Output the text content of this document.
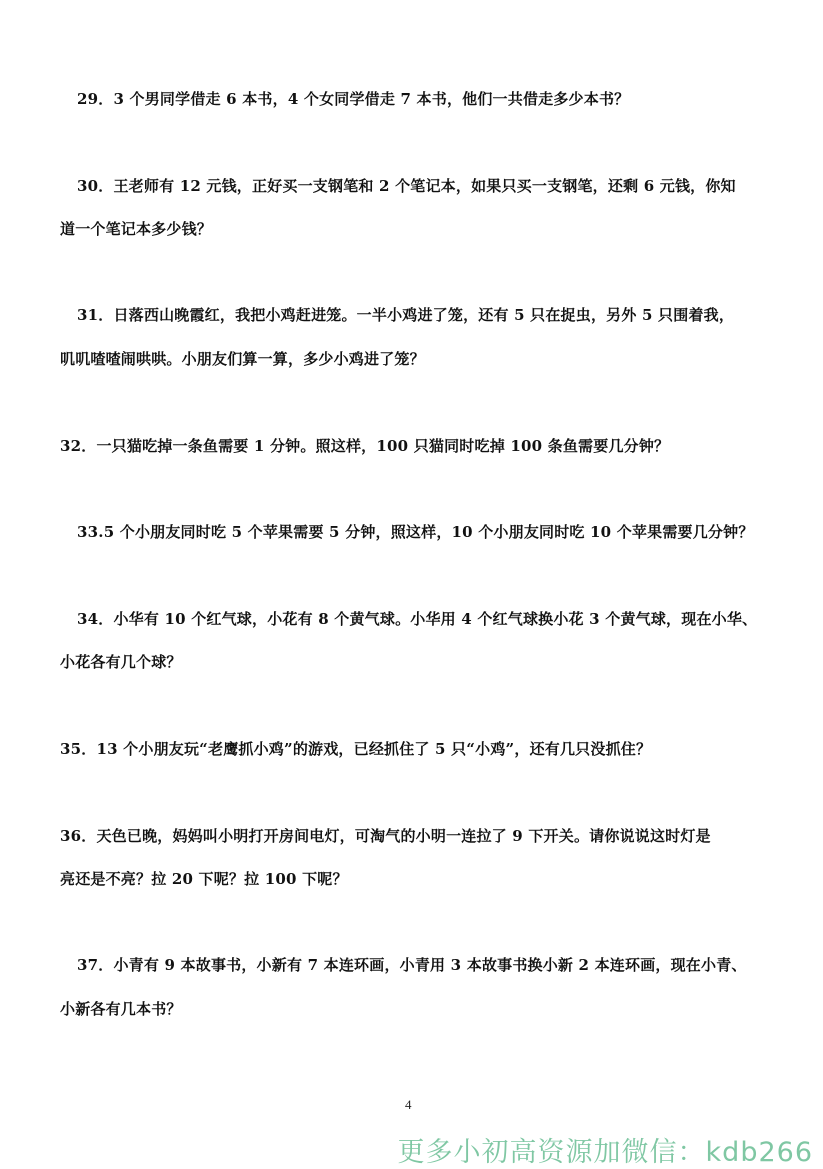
29．3 个男同学借走 6 本书，4 个女同学借走 7 本书，他们一共借走多少本书？
30．王老师有 12 元钱，正好买一支钢笔和 2 个笔记本，如果只买一支钢笔，还剩 6 元钱，你知
道一个笔记本多少钱？
31．日落西山晚霞红，我把小鸡赶进笼。一半小鸡进了笼，还有 5 只在捉虫，另外 5 只围着我，
叽叽喳喳闹哄哄。小朋友们算一算，多少小鸡进了笼？
32．一只猫吃掉一条鱼需要 1 分钟。照这样，100 只猫同时吃掉 100 条鱼需要几分钟？
33.5 个小朋友同时吃 5 个苹果需要 5 分钟，照这样，10 个小朋友同时吃 10 个苹果需要几分钟？
34．小华有 10 个红气球，小花有 8 个黄气球。小华用 4 个红气球换小花 3 个黄气球，现在小华、
小花各有几个球？
35．13 个小朋友玩“老鹰抓小鸡”的游戏，已经抓住了 5 只“小鸡”，还有几只没抓住？
36．天色已晚，妈妈叫小明打开房间电灯，可淘气的小明一连拉了 9 下开关。请你说说这时灯是
亮还是不亮？拉 20 下呢？拉 100 下呢？
37．小青有 9 本故事书，小新有 7 本连环画，小青用 3 本故事书换小新 2 本连环画，现在小青、
小新各有几本书？
4
更多小初高资源加微信：kdb266
